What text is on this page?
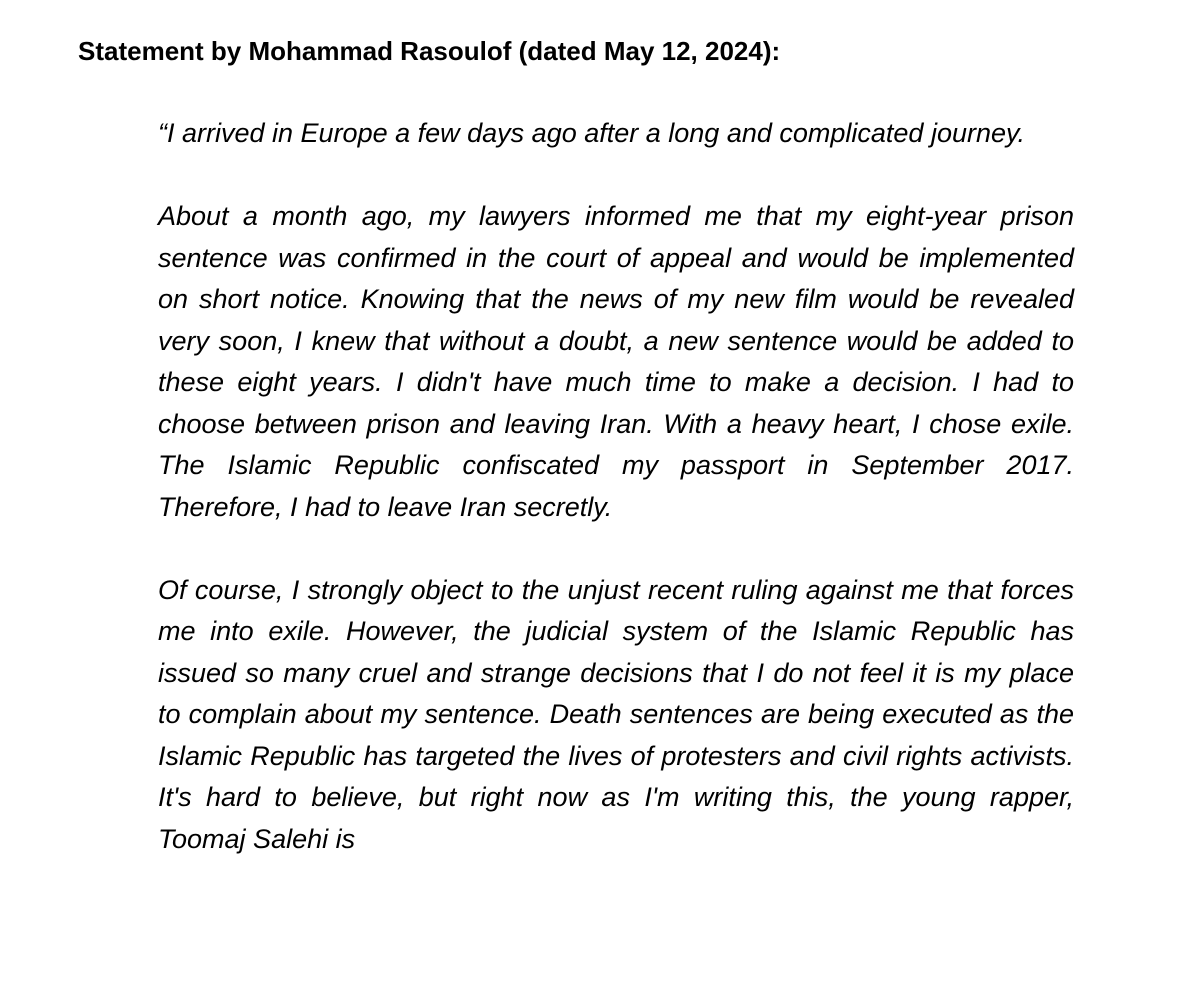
Statement by Mohammad Rasoulof (dated May 12, 2024):

“I arrived in Europe a few days ago after a long and complicated journey.

About a month ago, my lawyers informed me that my eight-year prison sentence was confirmed in the court of appeal and would be implemented on short notice. Knowing that the news of my new film would be revealed very soon, I knew that without a doubt, a new sentence would be added to these eight years. I didn't have much time to make a decision. I had to choose between prison and leaving Iran. With a heavy heart, I chose exile. The Islamic Republic confiscated my passport in September 2017. Therefore, I had to leave Iran secretly.

Of course, I strongly object to the unjust recent ruling against me that forces me into exile. However, the judicial system of the Islamic Republic has issued so many cruel and strange decisions that I do not feel it is my place to complain about my sentence. Death sentences are being executed as the Islamic Republic has targeted the lives of protesters and civil rights activists. It's hard to believe, but right now as I'm writing this, the young rapper, Toomaj Salehi is
